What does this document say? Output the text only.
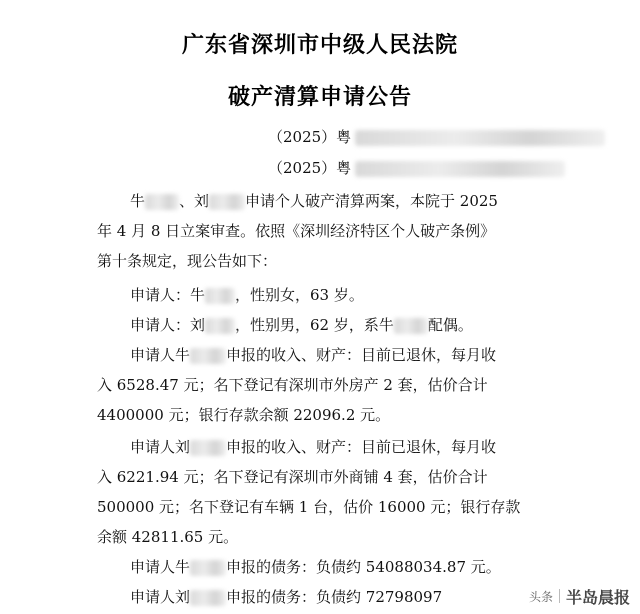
广东省深圳市中级人民法院
破产清算申请公告
（2025）粤
（2025）粤
牛 、刘 申请个人破产清算两案，本院于 2025
年 4 月 8 日立案审查。依照《深圳经济特区个人破产条例》
第十条规定，现公告如下：
申请人：牛 ，性别女，63 岁。
申请人：刘 ，性别男，62 岁，系牛 配偶。
申请人牛 申报的收入、财产：目前已退休，每月收
入 6528.47 元；名下登记有深圳市外房产 2 套，估价合计
4400000 元；银行存款余额 22096.2 元。
申请人刘 申报的收入、财产：目前已退休，每月收
入 6221.94 元；名下登记有深圳市外商铺 4 套，估价合计
500000 元；名下登记有车辆 1 台，估价 16000 元；银行存款
余额 42811.65 元。
申请人牛 申报的债务：负债约 54088034.87 元。
申请人刘 申报的债务：负债约 72798097	头条 半岛晨报
